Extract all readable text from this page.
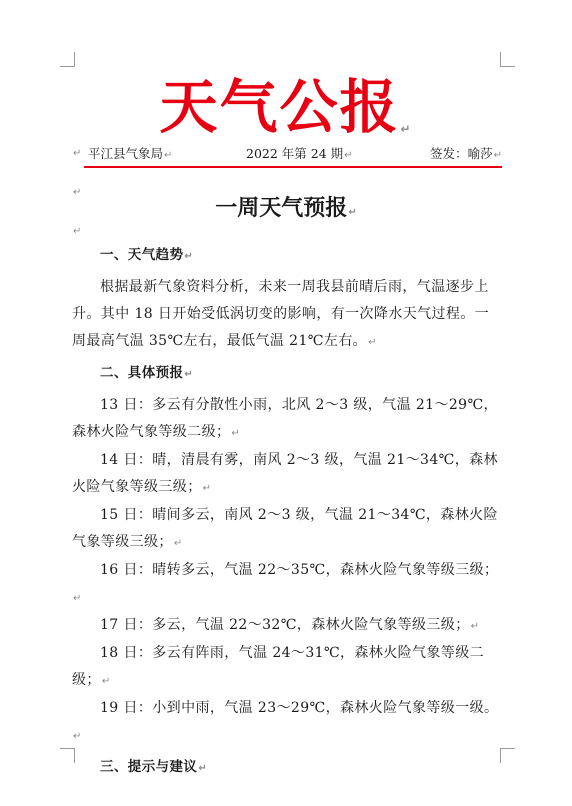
天气公报 ↵
↵
平江县气象局 ↵	2022 年第 24 期 ↵	签发：喻莎 ↵
↵
一周天气预报 ↵
↵

一、天气趋势 ↵

根据最新气象资料分析，未来一周我县前晴后雨，气温逐步上升。其中 18 日开始受低涡切变的影响，有一次降水天气过程。一周最高气温 35℃左右，最低气温 21℃左右。 ↵

二、具体预报 ↵

13 日：多云有分散性小雨，北风 2～3 级，气温 21～29℃，森林火险气象等级二级； ↵

14 日：晴，清晨有雾，南风 2～3 级，气温 21～34℃，森林火险气象等级三级； ↵

15 日：晴间多云，南风 2～3 级，气温 21～34℃，森林火险气象等级三级； ↵

16 日：晴转多云，气温 22～35℃，森林火险气象等级三级； ↵

17 日：多云，气温 22～32℃，森林火险气象等级三级； ↵

18 日：多云有阵雨，气温 24～31℃，森林火险气象等级二级； ↵

19 日：小到中雨，气温 23～29℃，森林火险气象等级一级。 ↵

三、提示与建议 ↵
